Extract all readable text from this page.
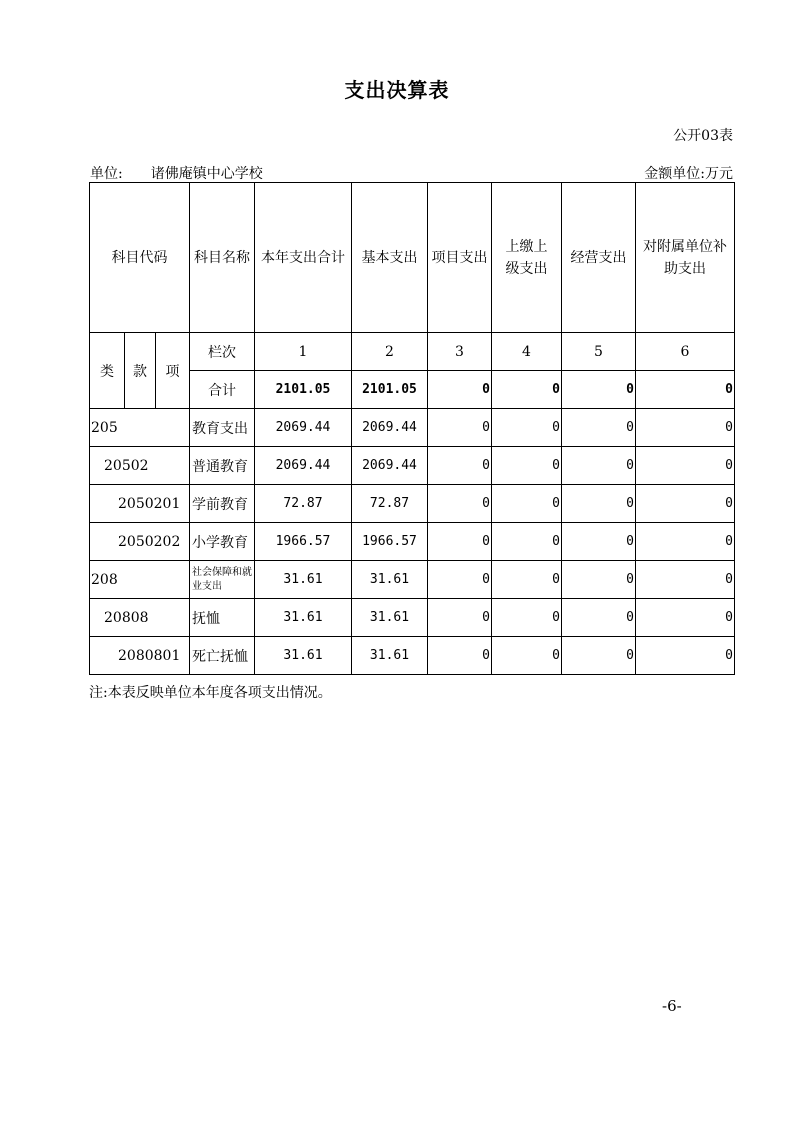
支出决算表
公开03表
单位: 诸佛庵镇中心学校	金额单位:万元
科目代码			科目名称	本年支出合计	基本支出	项目支出	上缴上级支出	经营支出	对附属单位补助支出
类	款	项	栏次	1	2	3	4	5	6
			合计	2101.05	2101.05	0	0	0	0
205			教育支出	2069.44	2069.44	0	0	0	0
20502			普通教育	2069.44	2069.44	0	0	0	0
2050201			学前教育	72.87	72.87	0	0	0	0
2050202			小学教育	1966.57	1966.57	0	0	0	0
208			社会保障和就业支出	31.61	31.61	0	0	0	0
20808			抚恤	31.61	31.61	0	0	0	0
2080801			死亡抚恤	31.61	31.61	0	0	0	0
注:本表反映单位本年度各项支出情况。
-6-
